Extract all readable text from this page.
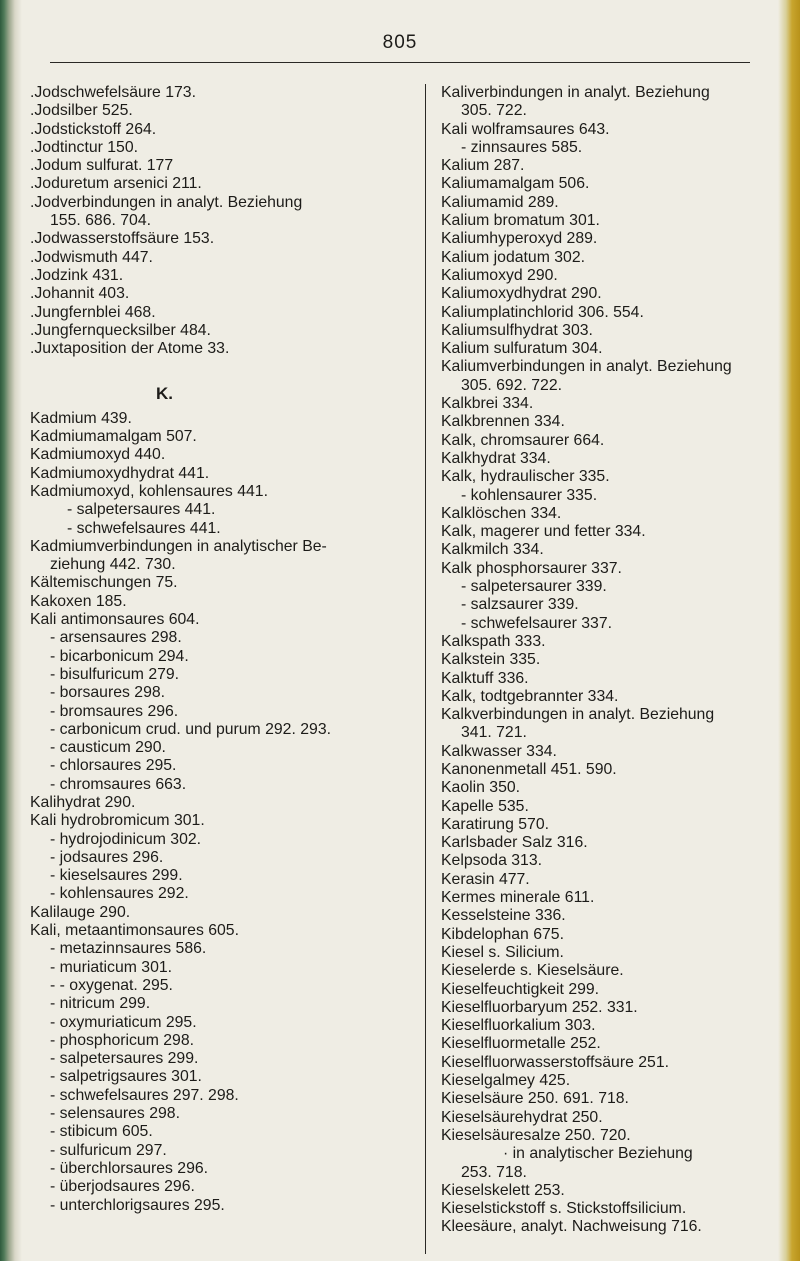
805
.Jodschwefelsäure 173.
.Jodsilber 525.
.Jodstickstoff 264.
.Jodtinctur 150.
.Jodum sulfurat. 177
.Joduretum arsenici 211.
.Jodverbindungen in analyt. Beziehung
155. 686. 704.
.Jodwasserstoffsäure 153.
.Jodwismuth 447.
.Jodzink 431.
.Johannit 403.
.Jungfernblei 468.
.Jungfernquecksilber 484.
.Juxtaposition der Atome 33.
K.
Kadmium 439.
Kadmiumamalgam 507.
Kadmiumoxyd 440.
Kadmiumoxydhydrat 441.
Kadmiumoxyd, kohlensaures 441.
- salpetersaures 441.
- schwefelsaures 441.
Kadmiumverbindungen in analytischer Be-
ziehung 442. 730.
Kältemischungen 75.
Kakoxen 185.
Kali antimonsaures 604.
- arsensaures 298.
- bicarbonicum 294.
- bisulfuricum 279.
- borsaures 298.
- bromsaures 296.
- carbonicum crud. und purum 292. 293.
- causticum 290.
- chlorsaures 295.
- chromsaures 663.
Kalihydrat 290.
Kali hydrobromicum 301.
- hydrojodinicum 302.
- jodsaures 296.
- kieselsaures 299.
- kohlensaures 292.
Kalilauge 290.
Kali, metaantimonsaures 605.
- metazinnsaures 586.
- muriaticum 301.
- - oxygenat. 295.
- nitricum 299.
- oxymuriaticum 295.
- phosphoricum 298.
- salpetersaures 299.
- salpetrigsaures 301.
- schwefelsaures 297. 298.
- selensaures 298.
- stibicum 605.
- sulfuricum 297.
- überchlorsaures 296.
- überjodsaures 296.
- unterchlorigsaures 295.
Kaliverbindungen in analyt. Beziehung
305. 722.
Kali wolframsaures 643.
- zinnsaures 585.
Kalium 287.
Kaliumamalgam 506.
Kaliumamid 289.
Kalium bromatum 301.
Kaliumhyperoxyd 289.
Kalium jodatum 302.
Kaliumoxyd 290.
Kaliumoxydhydrat 290.
Kaliumplatinchlorid 306. 554.
Kaliumsulfhydrat 303.
Kalium sulfuratum 304.
Kaliumverbindungen in analyt. Beziehung
305. 692. 722.
Kalkbrei 334.
Kalkbrennen 334.
Kalk, chromsaurer 664.
Kalkhydrat 334.
Kalk, hydraulischer 335.
- kohlensaurer 335.
Kalklöschen 334.
Kalk, magerer und fetter 334.
Kalkmilch 334.
Kalk phosphorsaurer 337.
- salpetersaurer 339.
- salzsaurer 339.
- schwefelsaurer 337.
Kalkspath 333.
Kalkstein 335.
Kalktuff 336.
Kalk, todtgebrannter 334.
Kalkverbindungen in analyt. Beziehung
341. 721.
Kalkwasser 334.
Kanonenmetall 451. 590.
Kaolin 350.
Kapelle 535.
Karatirung 570.
Karlsbader Salz 316.
Kelpsoda 313.
Kerasin 477.
Kermes minerale 611.
Kesselsteine 336.
Kibdelophan 675.
Kiesel s. Silicium.
Kieselerde s. Kieselsäure.
Kieselfeuchtigkeit 299.
Kieselfluorbaryum 252. 331.
Kieselfluorkalium 303.
Kieselfluormetalle 252.
Kieselfluorwasserstoffsäure 251.
Kieselgalmey 425.
Kieselsäure 250. 691. 718.
Kieselsäurehydrat 250.
Kieselsäuresalze 250. 720.
· in analytischer Beziehung
253. 718.
Kieselskelett 253.
Kieselstickstoff s. Stickstoffsilicium.
Kleesäure, analyt. Nachweisung 716.
